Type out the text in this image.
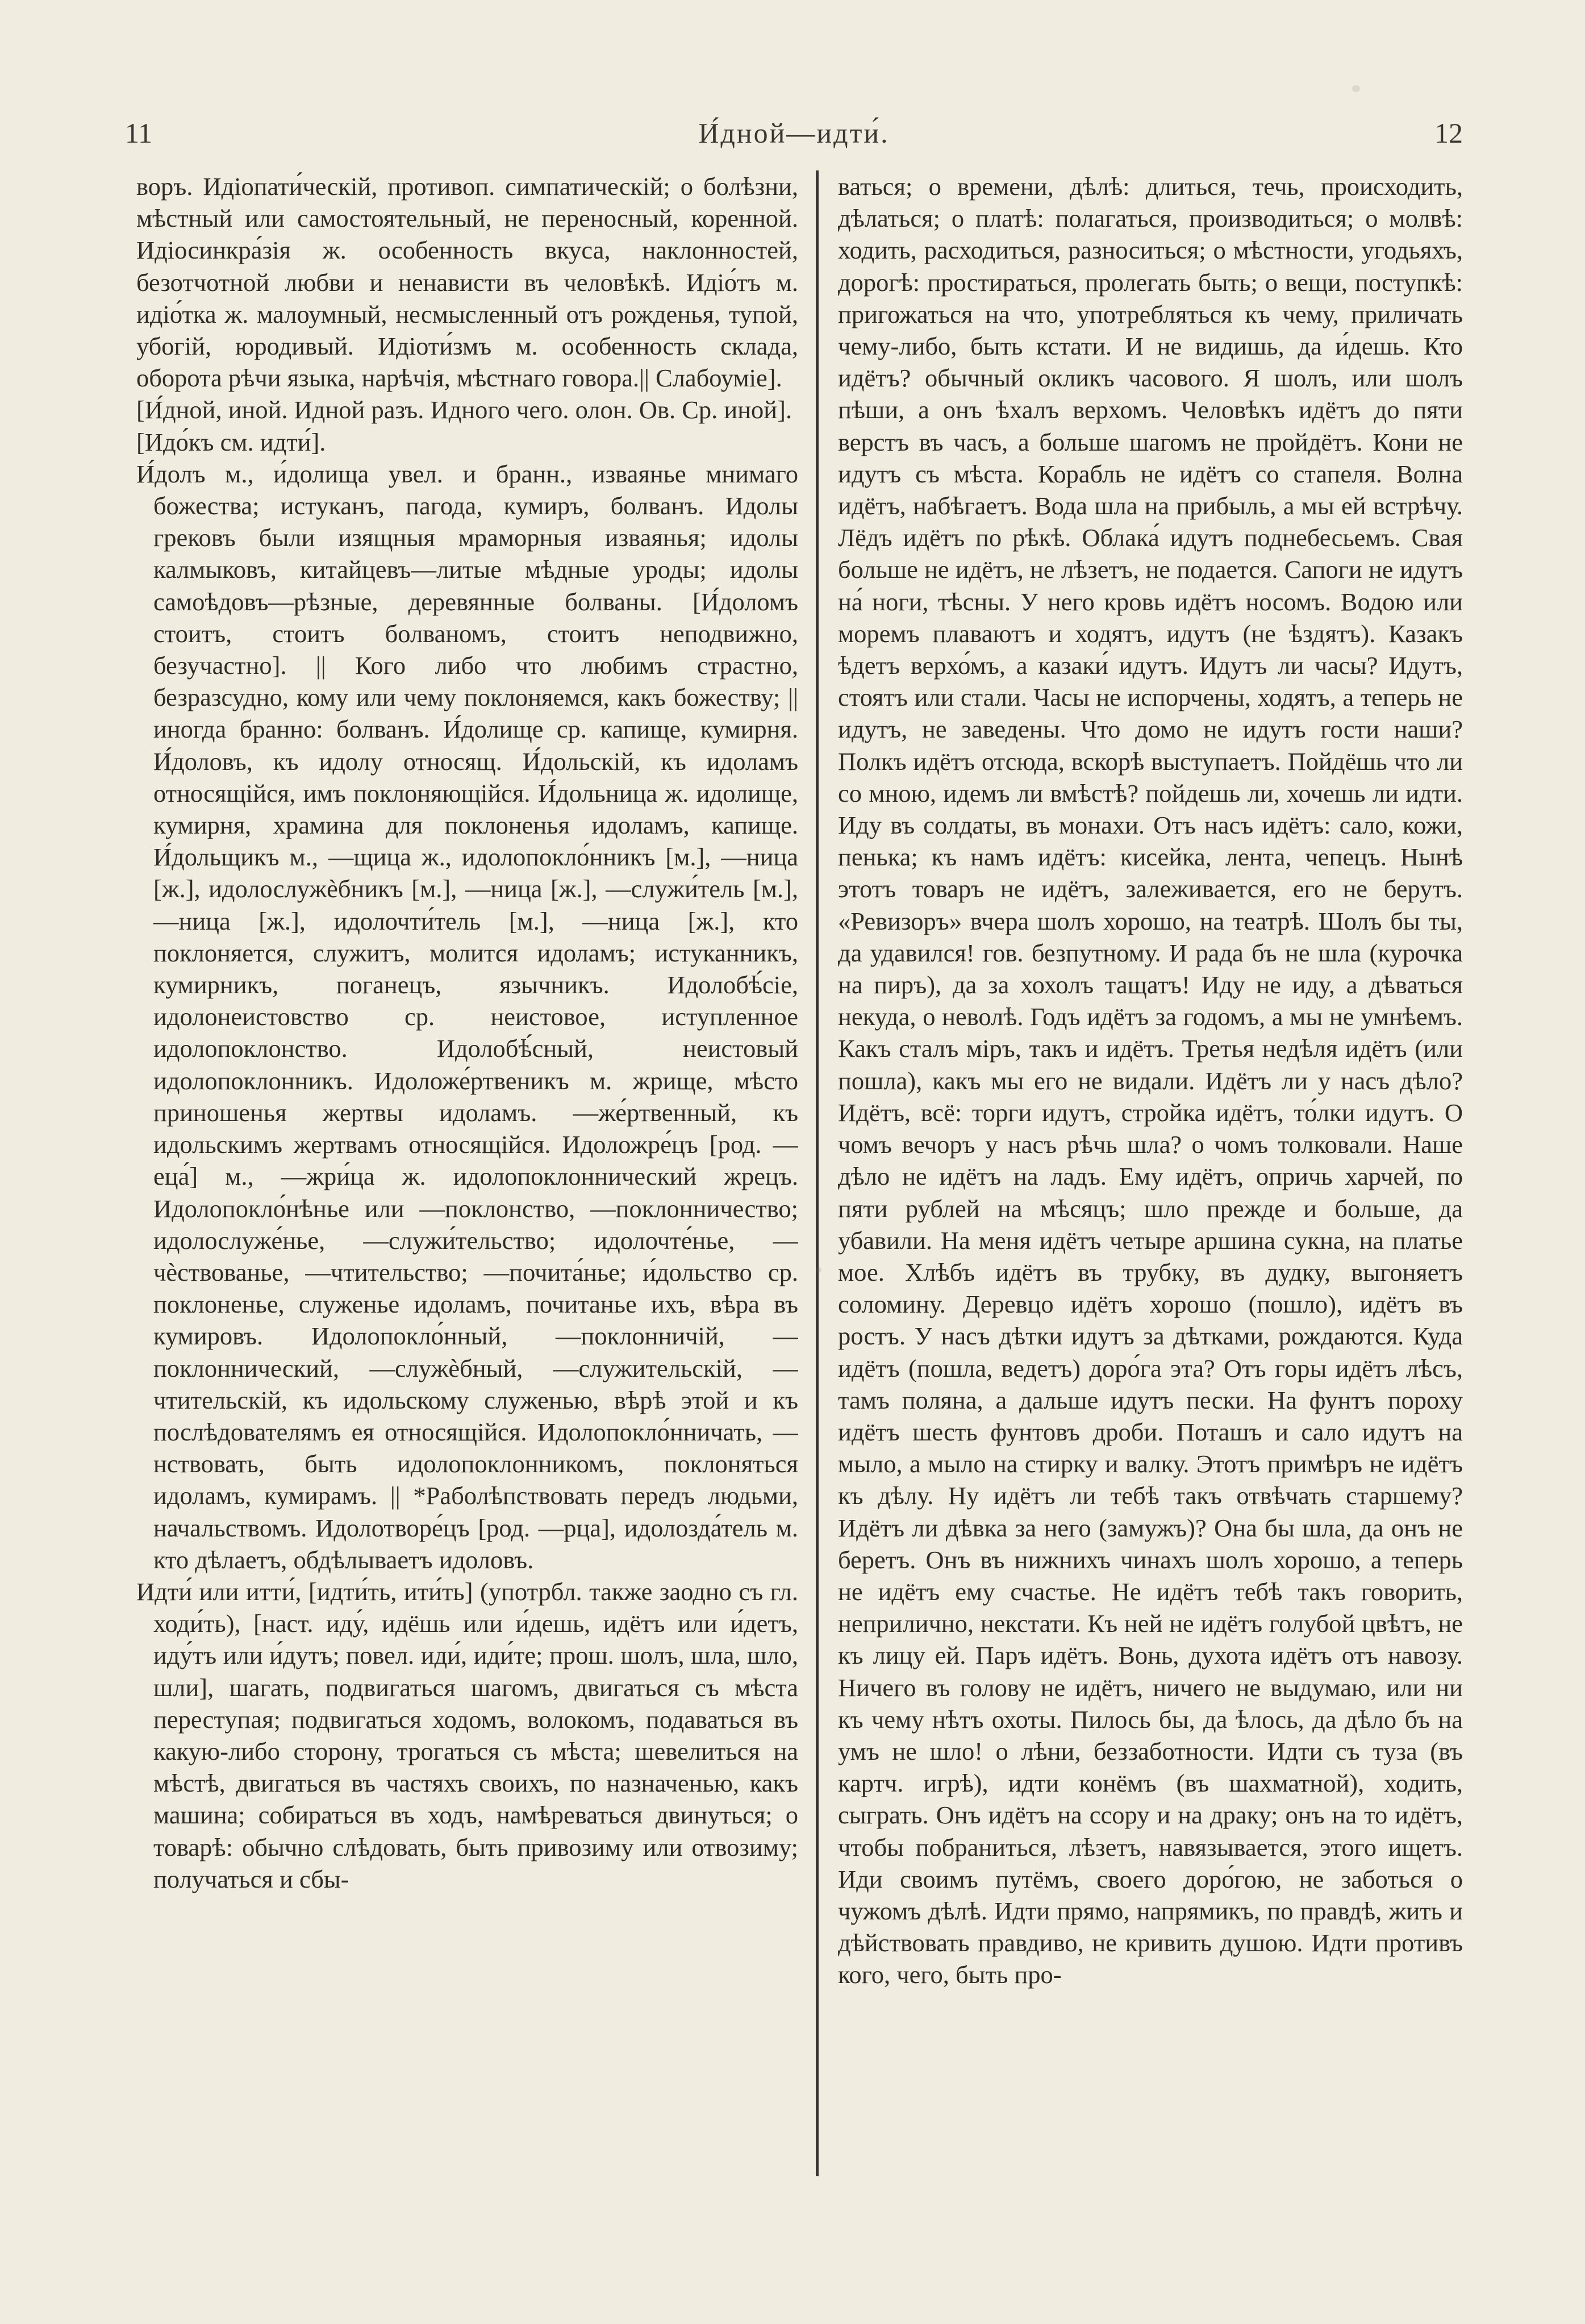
11	И́дной—идти́.	12

воръ. Идіопати́ческій, противоп. симпатическій; о болѣзни, мѣстный или самостоятельный, не переносный, коренной. Идіосинкра́зія ж. особенность вкуса, наклонностей, безотчотной любви и ненависти въ человѣкѣ. Идіо́тъ м. идіо́тка ж. малоумный, несмысленный отъ рожденья, тупой, убогій, юродивый. Идіоти́змъ м. особенность склада, оборота рѣчи языка, нарѣчія, мѣстнаго говора.|| Слабоуміе].

[И́дной, иной. Идной разъ. Идного чего. олон. Ов. Ср. иной].

[Идо́къ см. идти́].

И́долъ м., и́долища увел. и бранн., изваянье мнимаго божества; истуканъ, пагода, кумиръ, болванъ. Идолы грековъ были изящныя мраморныя изваянья; идолы калмыковъ, китайцевъ—литые мѣдные уроды; идолы самоѣдовъ—рѣзные, деревянные болваны. [И́доломъ стоитъ, стоитъ болваномъ, стоитъ неподвижно, безучастно]. || Кого либо что любимъ страстно, безразсудно, кому или чему поклоняемся, какъ божеству; || иногда бранно: болванъ. И́долище ср. капище, кумирня. И́доловъ, къ идолу относящ. И́дольскій, къ идоламъ относящійся, имъ поклоняющійся. И́дольница ж. идолище, кумирня, храмина для поклоненья идоламъ, капище. И́дольщикъ м., —щица ж., идолопокло́нникъ [м.], —ница [ж.], идолослужѐбникъ [м.], —ница [ж.], —служи́тель [м.], —ница [ж.], идолочти́тель [м.], —ница [ж.], кто поклоняется, служитъ, молится идоламъ; истуканникъ, кумирникъ, поганецъ, язычникъ. Идолобѣ́сіе, идолонеистовство ср. неистовое, иступленное идолопоклонство. Идолобѣ́сный, неистовый идолопоклонникъ. Идоложе́ртвеникъ м. жрище, мѣсто приношенья жертвы идоламъ. —же́ртвенный, къ идольскимъ жертвамъ относящійся. Идоложре́цъ [род. —еца́] м., —жри́ца ж. идолопоклоннический жрецъ. Идолопокло́нѣнье или —поклонство, —поклонничество; идолослуже́нье, —служи́тельство; идолочте́нье, —чѐствованье, —чтительство; —почита́нье; и́дольство ср. поклоненье, служенье идоламъ, почитанье ихъ, вѣра въ кумировъ. Идолопокло́нный, —поклонничій, —поклоннический, —служѐбный, —служительскій, —чтительскій, къ идольскому служенью, вѣрѣ этой и къ послѣдователямъ ея относящійся. Идолопокло́нничать, —нствовать, быть идолопоклонникомъ, поклоняться идоламъ, кумирамъ. || *Раболѣпствовать передъ людьми, начальствомъ. Идолотворе́цъ [род. —рца], идолозда́тель м. кто дѣлаетъ, обдѣлываетъ идоловъ.

Идти́ или итти́, [идти́ть, ити́ть] (употрбл. также заодно съ гл. ходи́ть), [наст. иду́, идёшь или и́дешь, идётъ или и́детъ, иду́тъ или и́дутъ; повел. иди́, иди́те; прош. шолъ, шла, шло, шли], шагать, подвигаться шагомъ, двигаться съ мѣста переступая; подвигаться ходомъ, волокомъ, подаваться въ какую-либо сторону, трогаться съ мѣста; шевелиться на мѣстѣ, двигаться въ частяхъ своихъ, по назначенью, какъ машина; собираться въ ходъ, намѣреваться двинуться; о товарѣ: обычно слѣдовать, быть привозиму или отвозиму; получаться и сбы-

ваться; о времени, дѣлѣ: длиться, течь, происходить, дѣлаться; о платѣ: полагаться, производиться; о молвѣ: ходить, расходиться, разноситься; о мѣстности, угодьяхъ, дорогѣ: простираться, пролегать быть; о вещи, поступкѣ: пригожаться на что, употребляться къ чему, приличать чему-либо, быть кстати. И не видишь, да и́дешь. Кто идётъ? обычный окликъ часового. Я шолъ, или шолъ пѣши, а онъ ѣхалъ верхомъ. Человѣкъ идётъ до пяти верстъ въ часъ, а больше шагомъ не пройдётъ. Кони не идутъ съ мѣста. Корабль не идётъ со стапеля. Волна идётъ, набѣгаетъ. Вода шла на прибыль, а мы ей встрѣчу. Лёдъ идётъ по рѣкѣ. Облака́ идутъ поднебесьемъ. Свая больше не идётъ, не лѣзетъ, не подается. Сапоги не идутъ на́ ноги, тѣсны. У него кровь идётъ носомъ. Водою или моремъ плаваютъ и ходятъ, идутъ (не ѣздятъ). Казакъ ѣдетъ верхо́мъ, а казаки́ идутъ. Идутъ ли часы? Идутъ, стоятъ или стали. Часы не испорчены, ходятъ, а теперь не идутъ, не заведены. Что домо не идутъ гости наши? Полкъ идётъ отсюда, вскорѣ выступаетъ. Пойдёшь что ли со мною, идемъ ли вмѣстѣ? пойдешь ли, хочешь ли идти. Иду въ солдаты, въ монахи. Отъ насъ идётъ: сало, кожи, пенька; къ намъ идётъ: кисейка, лента, чепецъ. Нынѣ этотъ товаръ не идётъ, залеживается, его не берутъ. «Ревизоръ» вчера шолъ хорошо, на театрѣ. Шолъ бы ты, да удавился! гов. безпутному. И рада бъ не шла (курочка на пиръ), да за хохолъ тащатъ! Иду не иду, а дѣваться некуда, о неволѣ. Годъ идётъ за годомъ, а мы не умнѣемъ. Какъ сталъ міръ, такъ и идётъ. Третья недѣля идётъ (или пошла), какъ мы его не видали. Идётъ ли у насъ дѣло? Идётъ, всё: торги идутъ, стройка идётъ, то́лки идутъ. О чомъ вечоръ у насъ рѣчь шла? о чомъ толковали. Наше дѣло не идётъ на ладъ. Ему идётъ, опричь харчей, по пяти рублей на мѣсяцъ; шло прежде и больше, да убавили. На меня идётъ четыре аршина сукна, на платье мое. Хлѣбъ идётъ въ трубку, въ дудку, выгоняетъ соломину. Деревцо идётъ хорошо (пошло), идётъ въ ростъ. У насъ дѣтки идутъ за дѣтками, рождаются. Куда идётъ (пошла, ведетъ) доро́га эта? Отъ горы идётъ лѣсъ, тамъ поляна, а дальше идутъ пески. На фунтъ пороху идётъ шесть фунтовъ дроби. Поташъ и сало идутъ на мыло, а мыло на стирку и валку. Этотъ примѣръ не идётъ къ дѣлу. Ну идётъ ли тебѣ такъ отвѣчать старшему? Идётъ ли дѣвка за него (замужъ)? Она бы шла, да онъ не беретъ. Онъ въ нижнихъ чинахъ шолъ хорошо, а теперь не идётъ ему счастье. Не идётъ тебѣ такъ говорить, неприлично, некстати. Къ ней не идётъ голубой цвѣтъ, не къ лицу ей. Паръ идётъ. Вонь, духота идётъ отъ навозу. Ничего въ голову не идётъ, ничего не выдумаю, или ни къ чему нѣтъ охоты. Пилось бы, да ѣлось, да дѣло бъ на умъ не шло! о лѣни, беззаботности. Идти съ туза (въ картч. игрѣ), идти конёмъ (въ шахматной), ходить, сыграть. Онъ идётъ на ссору и на драку; онъ на то идётъ, чтобы побраниться, лѣзетъ, навязывается, этого ищетъ. Иди своимъ путёмъ, своего доро́гою, не заботься о чужомъ дѣлѣ. Идти прямо, напрямикъ, по правдѣ, жить и дѣйствовать правдиво, не кривить душою. Идти противъ кого, чего, быть про-
